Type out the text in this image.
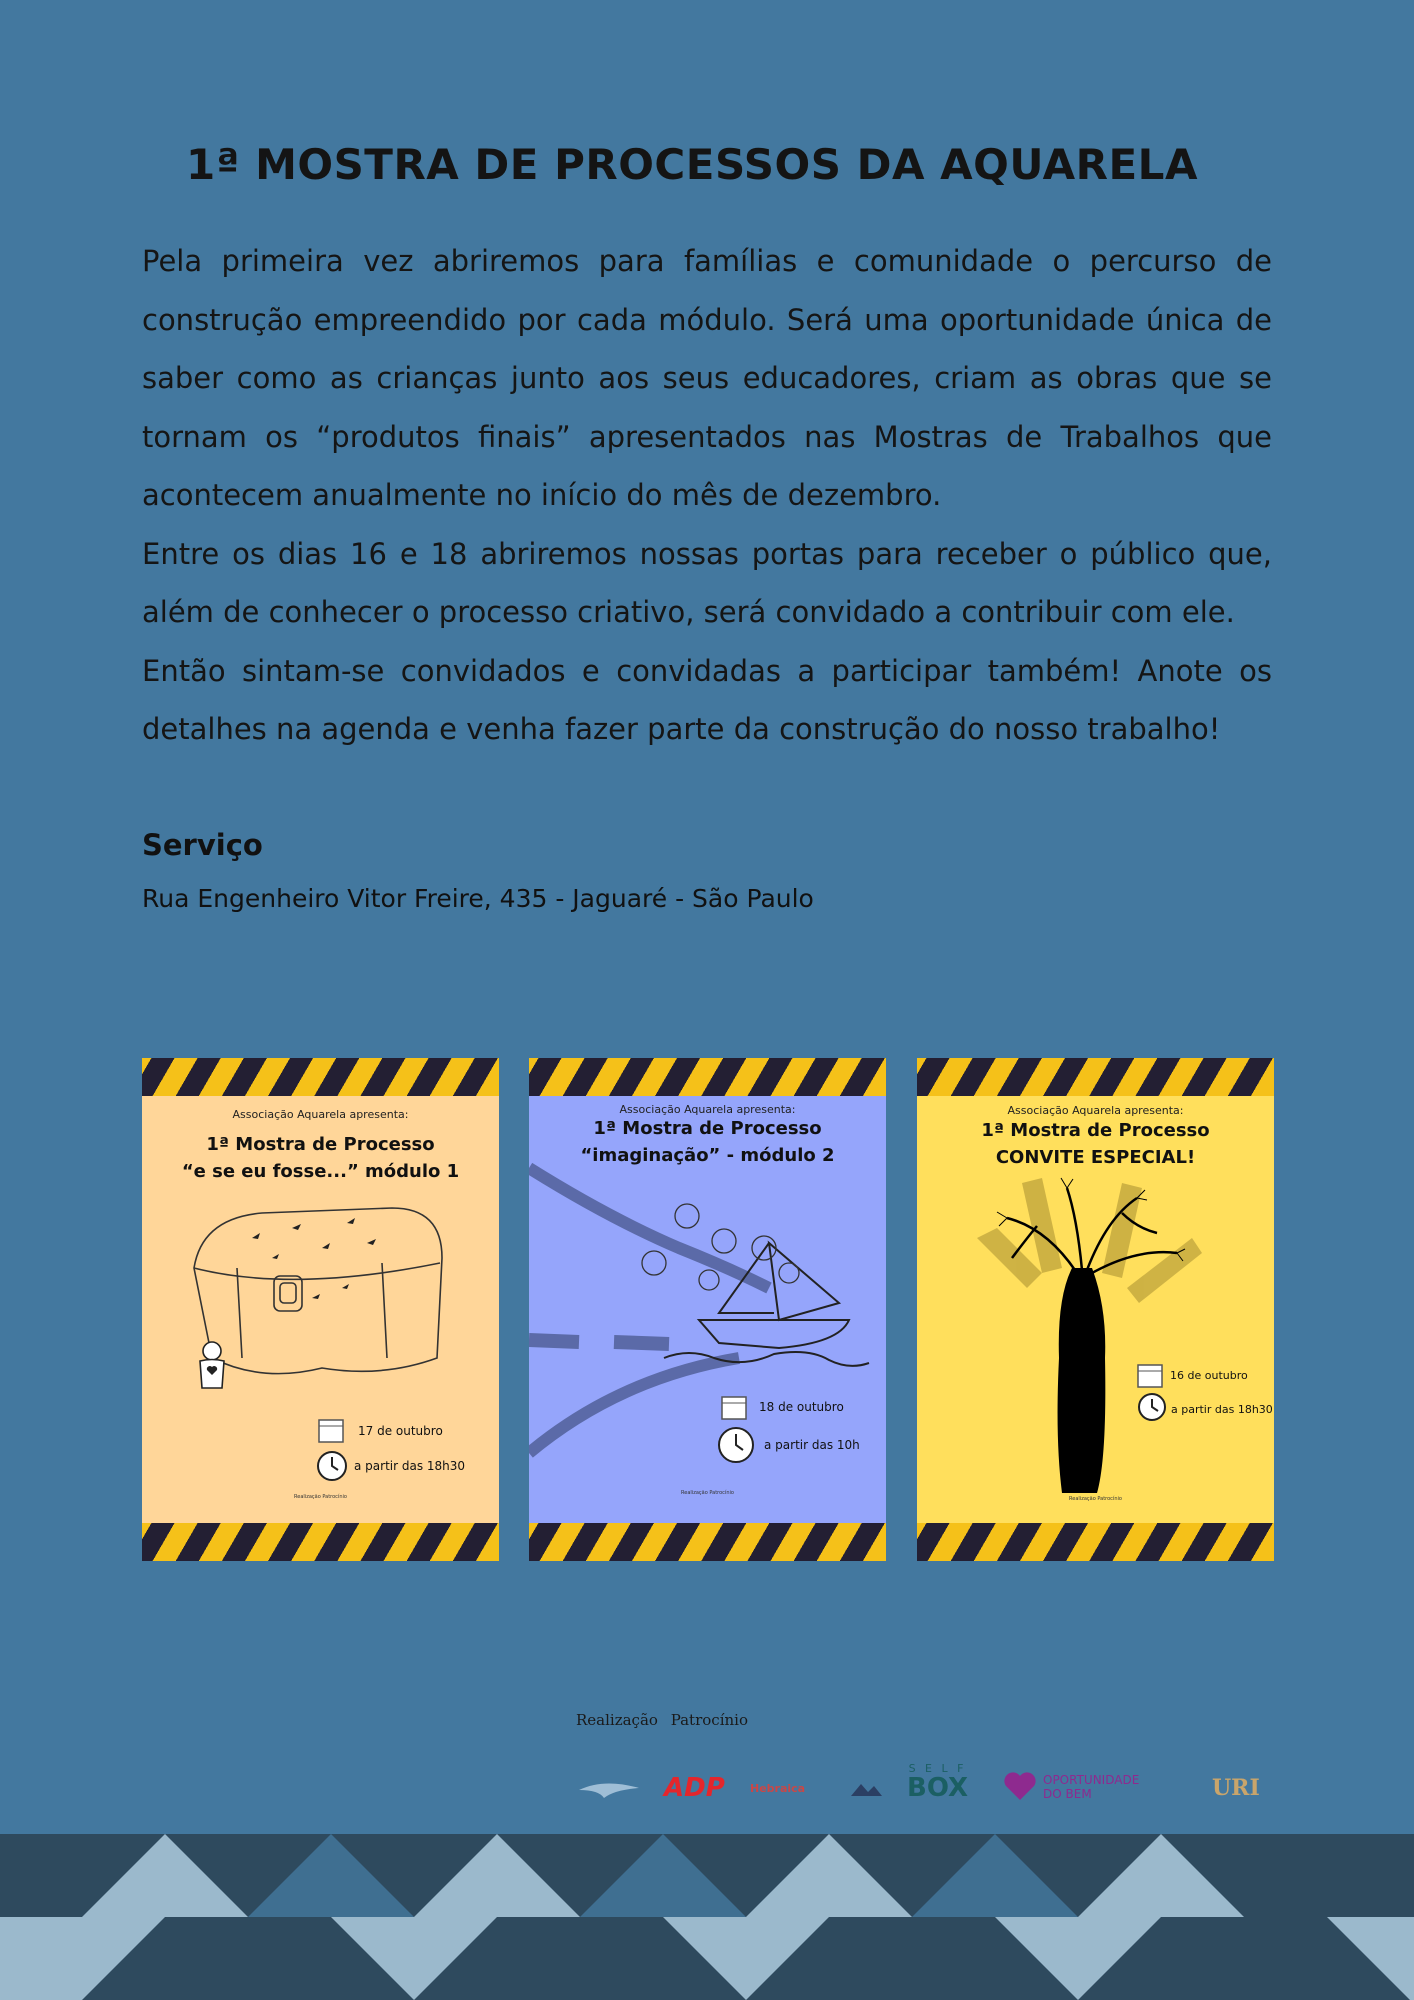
1ª MOSTRA DE PROCESSOS DA AQUARELA

Pela primeira vez abriremos para famílias e comunidade o percurso de construção empreendido por cada módulo. Será uma oportunidade única de saber como as crianças junto aos seus educadores, criam as obras que se tornam os “produtos finais” apresentados nas Mostras de Trabalhos que acontecem anualmente no início do mês de dezembro.

Entre os dias 16 e 18 abriremos nossas portas para receber o público que, além de conhecer o processo criativo, será convidado a contribuir com ele.

Então sintam-se convidados e convidadas a participar também! Anote os detalhes na agenda e venha fazer parte da construção do nosso trabalho!

Serviço

Rua Engenheiro Vitor Freire, 435 - Jaguaré - São Paulo

Associação Aquarela apresenta:
1ª Mostra de Processo
“e se eu fosse...” módulo 1
17 de outubro
a partir das 18h30
Realização Patrocínio
Associação Aquarela apresenta:
1ª Mostra de Processo
“imaginação” - módulo 2
18 de outubro
a partir das 10h
Realização Patrocínio
Associação Aquarela apresenta:
1ª Mostra de Processo
CONVITE ESPECIAL!
16 de outubro
a partir das 18h30
Realização Patrocínio
Realização Patrocínio
ADP Hebraica
S E L F
BOX	OPORTUNIDADE
DO BEM	URI
